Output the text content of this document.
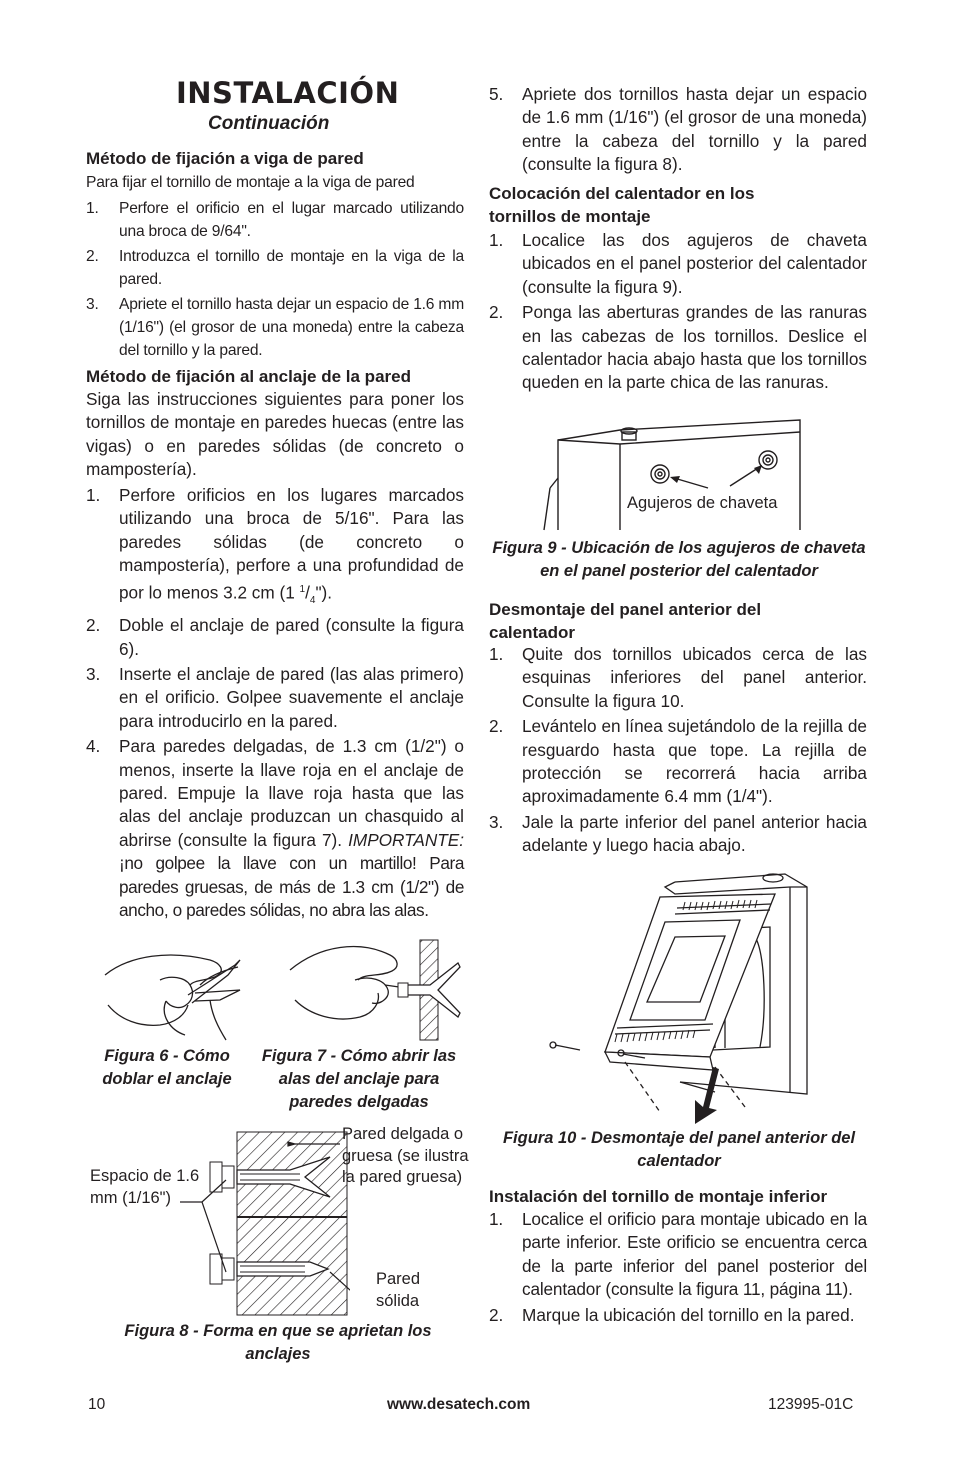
INSTALACIÓN
Continuación
Método de fijación a viga de pared
Para fijar el tornillo de montaje a la viga de pared
1. Perfore el orificio en el lugar marcado utilizando una broca de 9/64".
2. Introduzca el tornillo de montaje en la viga de la pared.
3. Apriete el tornillo hasta dejar un espacio de 1.6 mm (1/16") (el grosor de una moneda) entre la cabeza del tornillo y la pared.
Método de fijación al anclaje de la pared
Siga las instrucciones siguientes para poner los tornillos de montaje en paredes huecas (entre las vigas) o en paredes sólidas (de concreto o mampostería).
1. Perfore orificios en los lugares marcados utilizando una broca de 5/16". Para las paredes sólidas (de concreto o mampostería), perfore a una profundidad de por lo menos 3.2 cm (1 $^1/_4$").
2. Doble el anclaje de pared (consulte la figura 6).
3. Inserte el anclaje de pared (las alas primero) en el orificio. Golpee suavemente el anclaje para introducirlo en la pared.
4. Para paredes delgadas, de 1.3 cm (1/2") o menos, inserte la llave roja en el anclaje de pared. Empuje la llave roja hasta que las alas del anclaje produzcan un chasquido al abrirse (consulte la figura 7). IMPORTANTE: ¡no golpee la llave con un martillo! Para paredes gruesas, de más de 1.3 cm (1/2") de ancho, o paredes sólidas, no abra las alas.
Figura 6 - Cómo doblar el anclaje
Figura 7 - Cómo abrir las alas del anclaje para paredes delgadas
Espacio de 1.6 mm (1/16")
Pared delgada o gruesa (se ilustra la pared gruesa)
Pared sólida
Figura 8 - Forma en que se aprietan los anclajes
5. Apriete dos tornillos hasta dejar un espacio de 1.6 mm (1/16") (el grosor de una moneda) entre la cabeza del tornillo y la pared (consulte la figura 8).
Colocación del calentador en los tornillos de montaje
1. Localice las dos agujeros de chaveta ubicados en el panel posterior del calentador (consulte la figura 9).
2. Ponga las aberturas grandes de las ranuras en las cabezas de los tornillos. Deslice el calentador hacia abajo hasta que los tornillos queden en la parte chica de las ranuras.
Figura 9 - Ubicación de los agujeros de chaveta en el panel posterior del calentador
Desmontaje del panel anterior del calentador
1. Quite dos tornillos ubicados cerca de las esquinas inferiores del panel anterior. Consulte la figura 10.
2. Levántelo en línea sujetándolo de la rejilla de resguardo hasta que tope. La rejilla de protección se recorrerá hacia arriba aproximadamente 6.4 mm (1/4").
3. Jale la parte inferior del panel anterior hacia adelante y luego hacia abajo.
Figura 10 - Desmontaje del panel anterior del calentador
Instalación del tornillo de montaje inferior
1. Localice el orificio para montaje ubicado en la parte inferior. Este orificio se encuentra cerca de la parte inferior del panel posterior del calentador (consulte la figura 11, página 11).
2. Marque la ubicación del tornillo en la pared.
Agujeros de chaveta
10	www.desatech.com	123995-01C
